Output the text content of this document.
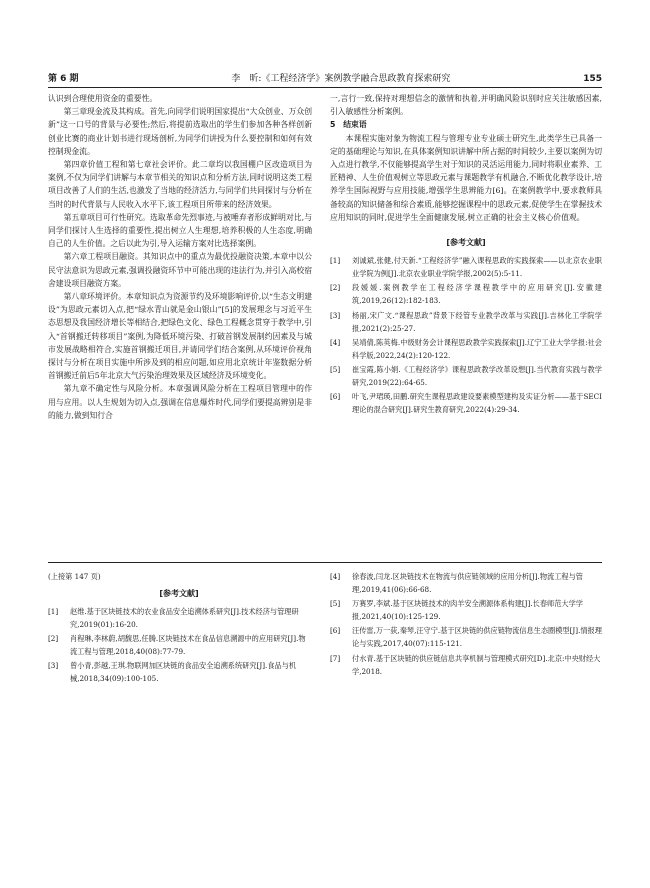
第 6 期	李　昕:《工程经济学》案例教学融合思政教育探索研究	155

认识到合理使用资金的重要性。

第三章现金流及其构成。首先,向同学们说明国家提出“大众创业、万众创新”这一口号的背景与必要性;然后,将提前选取出的学生们参加各种各样创新创业比赛的商业计划书进行现场剖析,为同学们讲授为什么要控制和如何有效控制现金流。

第四章价值工程和第七章社会评价。此二章均以我国棚户区改造项目为案例,不仅为同学们讲解与本章节相关的知识点和分析方法,同时说明这类工程项目改善了人们的生活,也激发了当地的经济活力,与同学们共同探讨与分析在当时的时代背景与人民收入水平下,该工程项目所带来的经济效果。

第五章项目可行性研究。选取革命先烈事迹,与被唾弃者形成鲜明对比,与同学们探讨人生选择的重要性,提出树立人生理想,培养积极的人生态度,明确自己的人生价值。之后以此为引,导入运输方案对比选择案例。

第六章工程项目融资。其知识点中的重点为最优投融资决策,本章中以公民守法意识为思政元素,强调投融资环节中可能出现的违法行为,并引入高校宿舍建设项目融资方案。

第八章环境评价。本章知识点为资源节约及环境影响评价,以“生态文明建设”为思政元素切入点,把“绿水青山就是金山银山”[5]的发展理念与习近平生态思想及我国经济增长等相结合,把绿色文化、绿色工程概念贯穿于教学中,引入“首钢搬迁转移项目”案例,为降低环境污染、打破首钢发展制约因素及与城市发展战略相符合,实施首钢搬迁项目,并请同学们结合案例,从环境评价视角探讨与分析在项目实施中所涉及到的相应问题,如应用北京统计年鉴数据分析首钢搬迁前后5年北京大气污染治理效果及区域经济及环境变化。

第九章不确定性与风险分析。本章强调风险分析在工程项目管理中的作用与应用。以人生规划为切入点,强调在信息爆炸时代,同学们要提高辨别是非的能力,做到知行合

一,言行一致,保持对理想信念的激情和执着,并明确风险识别时应关注敏感因素,引入敏感性分析案例。

5　结束语

本课程实施对象为物流工程与管理专业专业硕士研究生,此类学生已具备一定的基础理论与知识,在具体案例知识讲解中所占据的时间较少,主要以案例为切入点进行教学,不仅能够提高学生对于知识的灵活运用能力,同时将职业素养、工匠精神、人生价值观树立等思政元素与课题教学有机融合,不断优化教学设计,培养学生国际视野与应用技能,增强学生思辨能力[6]。在案例教学中,要求教师具备较高的知识储备和综合素质,能够挖掘课程中的思政元素,促使学生在掌握技术应用知识的同时,促进学生全面健康发展,树立正确的社会主义核心价值观。

[参考文献]
[1] 刘诚斌,张健,付天新.“工程经济学”融入课程思政的实践探索——以北京农业职业学院为例[J].北京农业职业学院学报,2002(5):5-11.
[2] 段媛媛.案例教学在工程经济学课程教学中的应用研究[J].安徽建筑,2019,26(12):182-183.
[3] 杨丽,宋广文.“课程思政”背景下经管专业教学改革与实践[J].吉林化工学院学报,2021(2):25-27.
[4] 吴靖倩,陈英梅.中级财务会计课程思政教学实践探索[J].辽宁工业大学学报:社会科学版,2022,24(2):120-122.
[5] 崔宝霞,陈小娟.《工程经济学》课程思政教学改革设想[J].当代教育实践与教学研究,2019(22):64-65.
[6] 叶飞,尹珺瑛,田鹏.研究生课程思政建设要素模型建构及实证分析——基于SECI理论的混合研究[J].研究生教育研究,2022(4):29-34.
(上接第 147 页)
[参考文献]
[1] 赵维.基于区块链技术的农业食品安全追溯体系研究[J].技术经济与管理研究,2019(01):16-20.
[2] 肖程琳,李林蔚,胡馥思,任腾.区块链技术在食品信息溯源中的应用研究[J].物流工程与管理,2018,40(08):77-79.
[3] 曾小青,彭越,王琪.物联网加区块链的食品安全追溯系统研究[J].食品与机械,2018,34(09):100-105.
[4] 徐春波,闫龙.区块链技术在物流与供应链领域的应用分析[J].物流工程与管理,2019,41(06):66-68.
[5] 万赛罗,李斌.基于区块链技术的肉羊安全溯源体系构建[J].长春师范大学学报,2021,40(10):125-129.
[6] 汪传雷,万一荻,秦琴,汪守宁.基于区块链的供应链物流信息生态圈模型[J].情报理论与实践,2017,40(07):115-121.
[7] 付水青.基于区块链的供应链信息共享机制与管理模式研究[D].北京:中央财经大学,2018.
